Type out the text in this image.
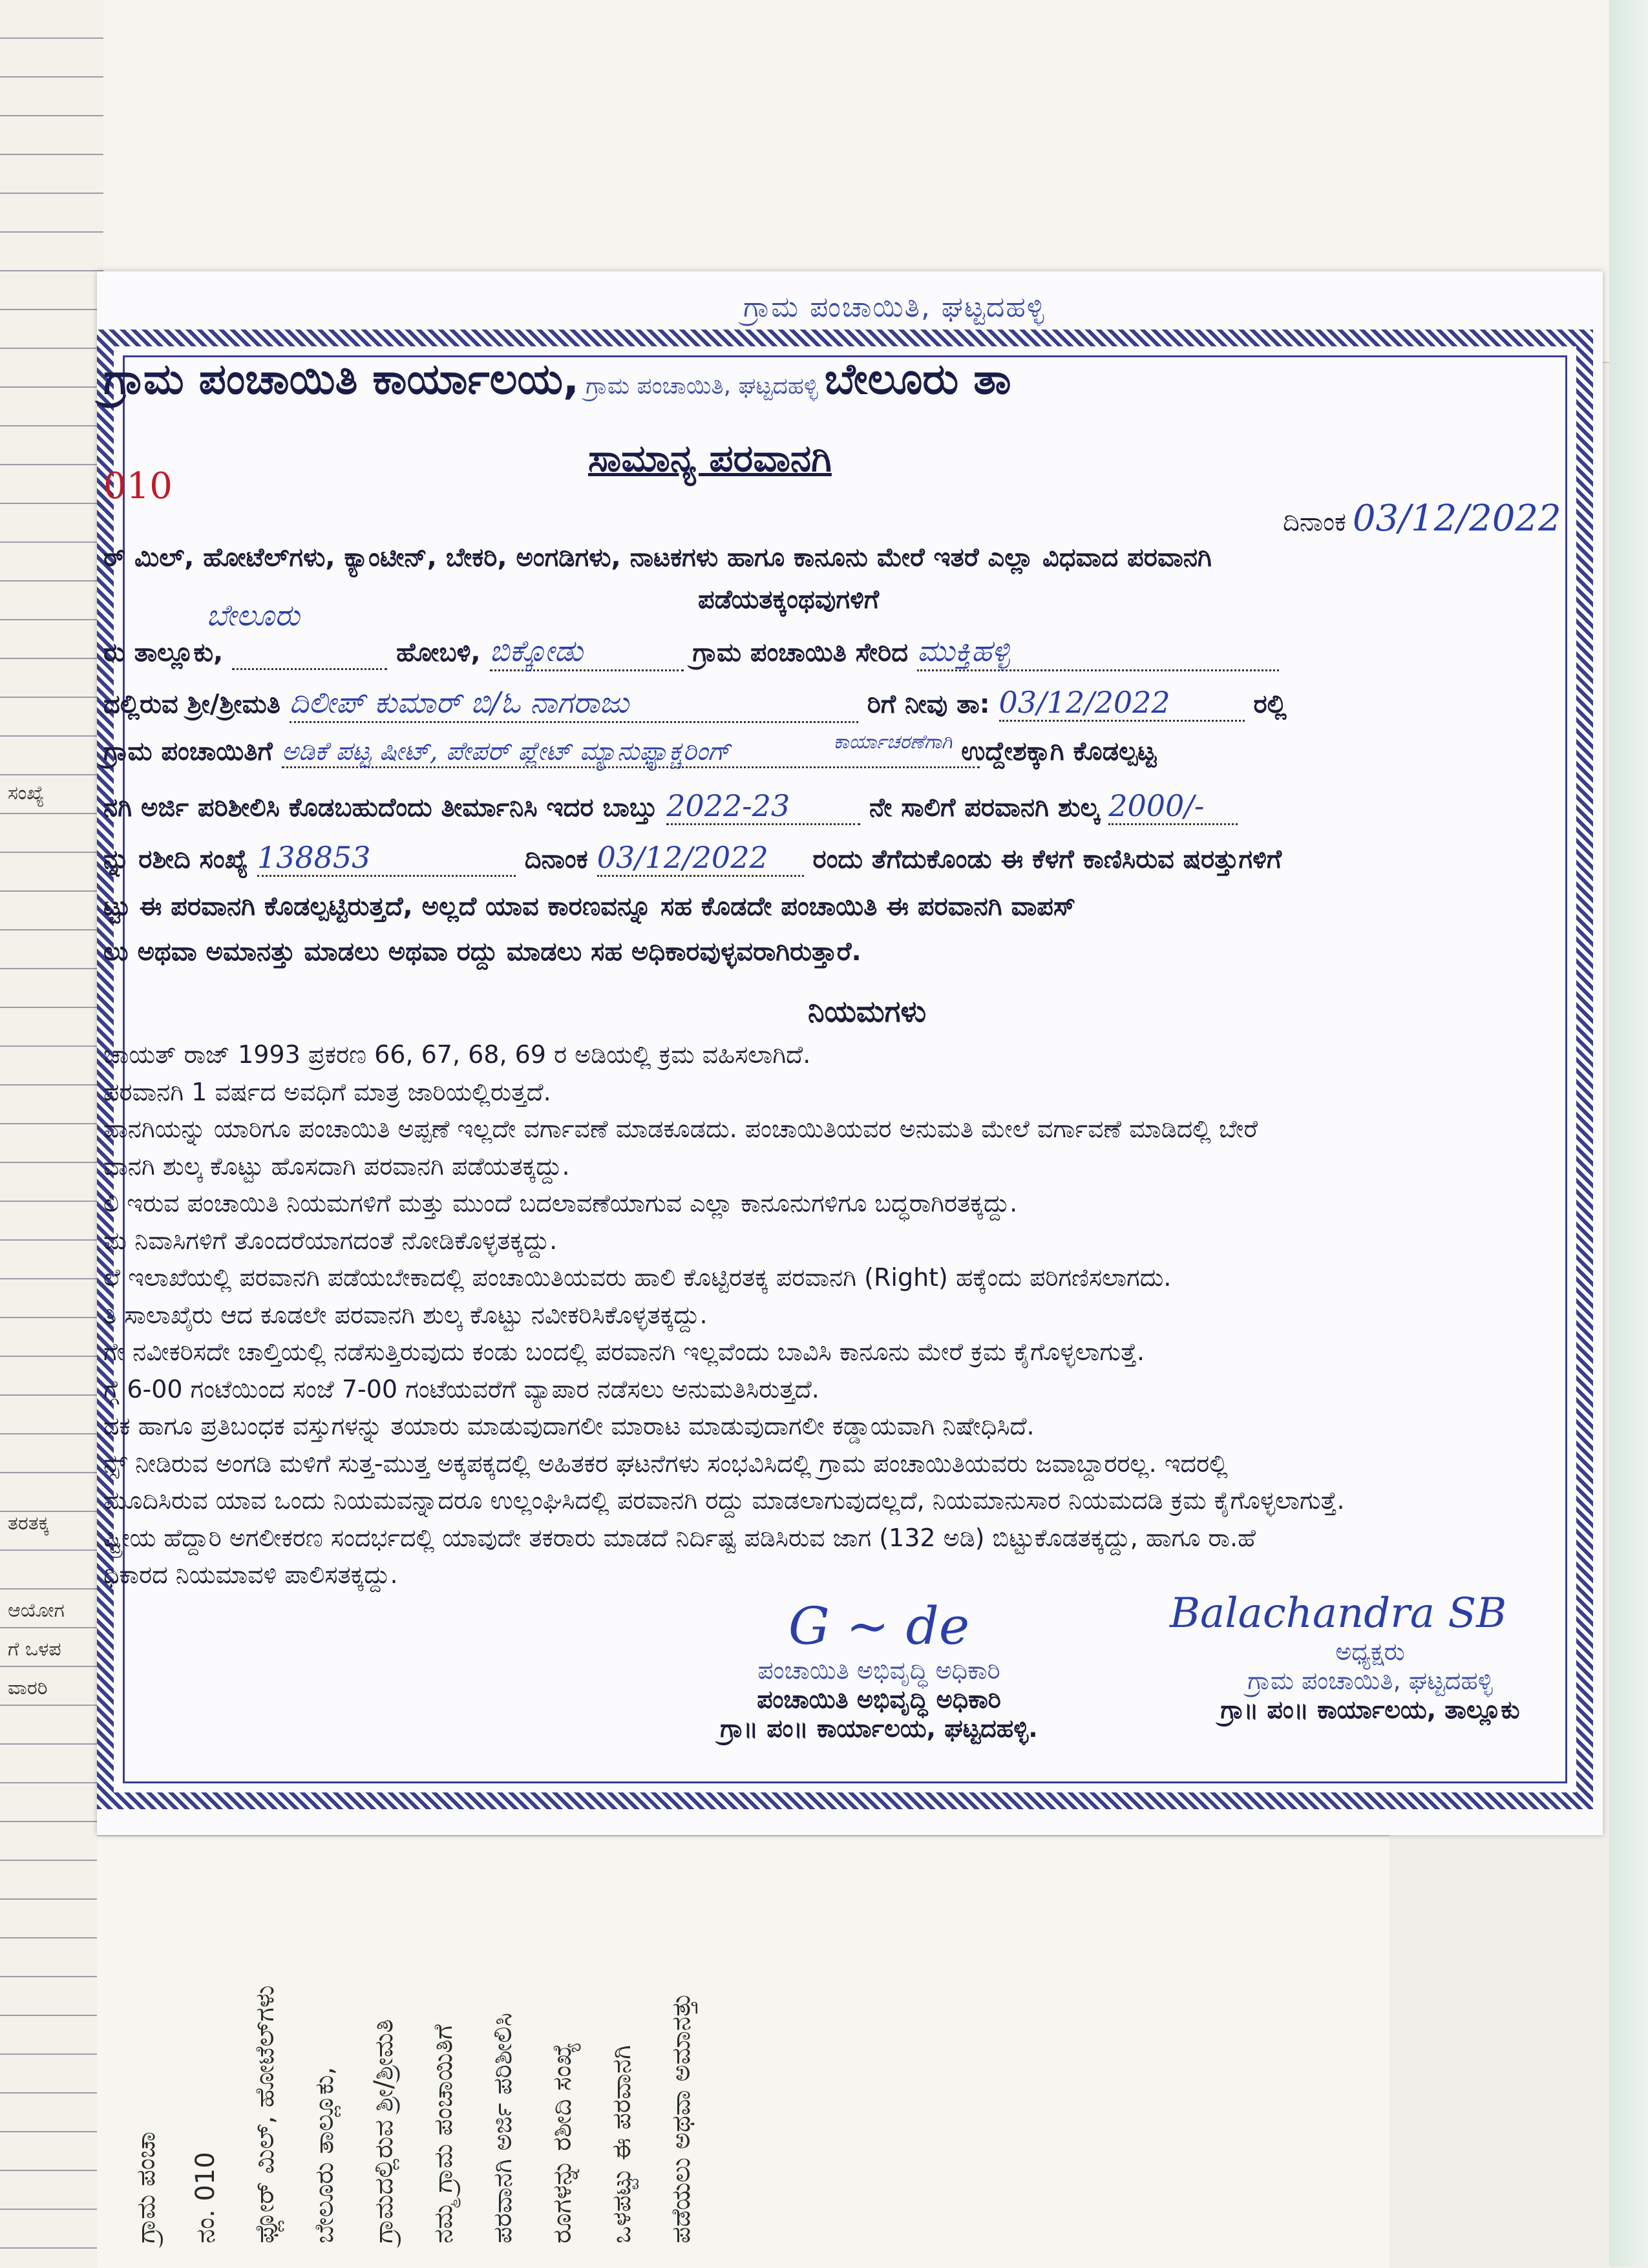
ಸಂಖ್ಯೆ
ತರತಕ್ಕ
ಆಯೋಗ
ಗೆ ಒಳಪ
ವಾರರಿ
ಗ್ರಾಮ ಪಂಚಾ	ನಂ. 010	ಫ್ಲೋರ್ ಮಿಲ್, ಹೋಟೆಲ್‌ಗಳು	ಬೇಲೂರು ತಾಲ್ಲೂಕು,	ಗ್ರಾಮದಲ್ಲಿರುವ ಶ್ರೀ/ಶ್ರೀಮತಿ	ನಮ್ಮ ಗ್ರಾಮ ಪಂಚಾಯಿತಿಗೆ	ಪರವಾನಗಿ ಅರ್ಜಿ ಪರಿಶೀಲಿಸಿ	ರೂಗಳನ್ನು ರಶೀದಿ ಸಂಖ್ಯೆ	ಒಳಪಟ್ಟು ಈ ಪರವಾನಗಿ	ಪಡೆಯಲು ಅಥವಾ ಅಮಾನತ್ತು
ಗ್ರಾಮ ಪಂಚಾಯಿತಿ, ಘಟ್ಟದಹಳ್ಳಿ
ಗ್ರಾಮ ಪಂಚಾಯಿತಿ ಕಾರ್ಯಾಲಯ, ಗ್ರಾಮ ಪಂಚಾಯಿತಿ, ಘಟ್ಟದಹಳ್ಳಿ ಬೇಲೂರು ತಾ
ಸಾಮಾನ್ಯ ಪರವಾನಗಿ
010
ದಿನಾಂಕ 03/12/2022
ರ್ ಮಿಲ್, ಹೋಟೆಲ್‌ಗಳು, ಕ್ಯಾಂಟೀನ್, ಬೇಕರಿ, ಅಂಗಡಿಗಳು, ನಾಟಕಗಳು ಹಾಗೂ ಕಾನೂನು ಮೇರೆ ಇತರೆ ಎಲ್ಲಾ ವಿಧವಾದ ಪರವಾನಗಿ
ಪಡೆಯತಕ್ಕಂಥವುಗಳಿಗೆ
ರು ತಾಲ್ಲೂಕು,
ಬೇಲೂರು
ಹೋಬಳಿ, ಬಿಕ್ಕೋಡು	ಗ್ರಾಮ ಪಂಚಾಯಿತಿ ಸೇರಿದ ಮುಕ್ತಿಹಳ್ಳಿ
ದಲ್ಲಿರುವ ಶ್ರೀ/ಶ್ರೀಮತಿ ದಿಲೀಪ್ ಕುಮಾರ್ ಬಿ/ಓ ನಾಗರಾಜು	ರಿಗೆ ನೀವು ತಾ: 03/12/2022	ರಲ್ಲಿ
ಗ್ರಾಮ ಪಂಚಾಯಿತಿಗೆ ಅಡಿಕೆ ಪಟ್ಟ ಷೀಟ್, ಪೇಪರ್ ಪ್ಲೇಟ್ ಮ್ಯಾನುಫ್ಯಾಕ್ಚರಿಂಗ್	$^{ಕಾರ್ಯಾಚರಣೆಗಾಗಿ}$ ಉದ್ದೇಶಕ್ಕಾಗಿ ಕೊಡಲ್ಪಟ್ಟ
ನಗಿ ಅರ್ಜಿ ಪರಿಶೀಲಿಸಿ ಕೊಡಬಹುದೆಂದು ತೀರ್ಮಾನಿಸಿ ಇದರ ಬಾಬ್ತು 2022-23	ನೇ ಸಾಲಿಗೆ ಪರವಾನಗಿ ಶುಲ್ಕ 2000/-
ನ್ನು ರಶೀದಿ ಸಂಖ್ಯೆ 138853	ದಿನಾಂಕ 03/12/2022 ರಂದು ತೆಗೆದುಕೊಂಡು ಈ ಕೆಳಗೆ ಕಾಣಿಸಿರುವ ಷರತ್ತುಗಳಿಗೆ
ಟ್ಟು ಈ ಪರವಾನಗಿ ಕೊಡಲ್ಪಟ್ಟಿರುತ್ತದೆ, ಅಲ್ಲದೆ ಯಾವ ಕಾರಣವನ್ನೂ ಸಹ ಕೊಡದೇ ಪಂಚಾಯಿತಿ ಈ ಪರವಾನಗಿ ವಾಪಸ್
ಲು ಅಥವಾ ಅಮಾನತ್ತು ಮಾಡಲು ಅಥವಾ ರದ್ದು ಮಾಡಲು ಸಹ ಅಧಿಕಾರವುಳ್ಳವರಾಗಿರುತ್ತಾರೆ.
ನಿಯಮಗಳು
ಚಾಯತ್ ರಾಜ್ 1993 ಪ್ರಕರಣ 66, 67, 68, 69 ರ ಅಡಿಯಲ್ಲಿ ಕ್ರಮ ವಹಿಸಲಾಗಿದೆ.
ಪರವಾನಗಿ 1 ವರ್ಷದ ಅವಧಿಗೆ ಮಾತ್ರ ಜಾರಿಯಲ್ಲಿರುತ್ತದೆ.
ವಾನಗಿಯನ್ನು ಯಾರಿಗೂ ಪಂಚಾಯಿತಿ ಅಪ್ಪಣೆ ಇಲ್ಲದೇ ವರ್ಗಾವಣೆ ಮಾಡಕೂಡದು. ಪಂಚಾಯಿತಿಯವರ ಅನುಮತಿ ಮೇಲೆ ವರ್ಗಾವಣೆ ಮಾಡಿದಲ್ಲಿ ಬೇರೆ
ವಾನಗಿ ಶುಲ್ಕ ಕೊಟ್ಟು ಹೊಸದಾಗಿ ಪರವಾನಗಿ ಪಡೆಯತಕ್ಕದ್ದು.
ಲಿ ಇರುವ ಪಂಚಾಯಿತಿ ನಿಯಮಗಳಿಗೆ ಮತ್ತು ಮುಂದೆ ಬದಲಾವಣೆಯಾಗುವ ಎಲ್ಲಾ ಕಾನೂನುಗಳಿಗೂ ಬದ್ಧರಾಗಿರತಕ್ಕದ್ದು.
ಮ ನಿವಾಸಿಗಳಿಗೆ ತೊಂದರೆಯಾಗದಂತೆ ನೋಡಿಕೊಳ್ಳತಕ್ಕದ್ದು.
ಲೆ ಇಲಾಖೆಯಲ್ಲಿ ಪರವಾನಗಿ ಪಡೆಯಬೇಕಾದಲ್ಲಿ ಪಂಚಾಯಿತಿಯವರು ಹಾಲಿ ಕೊಟ್ಟಿರತಕ್ಕ ಪರವಾನಗಿ (Right) ಹಕ್ಕೆಂದು ಪರಿಗಣಿಸಲಾಗದು.
ತಿ ಸಾಲಾಖೈರು ಆದ ಕೂಡಲೇ ಪರವಾನಗಿ ಶುಲ್ಕ ಕೊಟ್ಟು ನವೀಕರಿಸಿಕೊಳ್ಳತಕ್ಕದ್ದು.
ಗೇ ನವೀಕರಿಸದೇ ಚಾಲ್ತಿಯಲ್ಲಿ ನಡೆಸುತ್ತಿರುವುದು ಕಂಡು ಬಂದಲ್ಲಿ ಪರವಾನಗಿ ಇಲ್ಲವೆಂದು ಬಾವಿಸಿ ಕಾನೂನು ಮೇರೆ ಕ್ರಮ ಕೈಗೊಳ್ಳಲಾಗುತ್ತೆ.
ಗ್ಗೆ 6-00 ಗಂಟೆಯಿಂದ ಸಂಜೆ 7-00 ಗಂಟೆಯವರೆಗೆ ವ್ಯಾಪಾರ ನಡೆಸಲು ಅನುಮತಿಸಿರುತ್ತದೆ.
ದಕ ಹಾಗೂ ಪ್ರತಿಬಂಧಕ ವಸ್ತುಗಳನ್ನು ತಯಾರು ಮಾಡುವುದಾಗಲೀ ಮಾರಾಟ ಮಾಡುವುದಾಗಲೀ ಕಡ್ಡಾಯವಾಗಿ ನಿಷೇಧಿಸಿದೆ.
ನ್ಸ್ ನೀಡಿರುವ ಅಂಗಡಿ ಮಳಿಗೆ ಸುತ್ತ-ಮುತ್ತ ಅಕ್ಕಪಕ್ಕದಲ್ಲಿ ಅಹಿತಕರ ಘಟನೆಗಳು ಸಂಭವಿಸಿದಲ್ಲಿ ಗ್ರಾಮ ಪಂಚಾಯಿತಿಯವರು ಜವಾಬ್ದಾರರಲ್ಲ. ಇದರಲ್ಲಿ
ಮೂದಿಸಿರುವ ಯಾವ ಒಂದು ನಿಯಮವನ್ನಾದರೂ ಉಲ್ಲಂಘಿಸಿದಲ್ಲಿ ಪರವಾನಗಿ ರದ್ದು ಮಾಡಲಾಗುವುದಲ್ಲದೆ, ನಿಯಮಾನುಸಾರ ನಿಯಮದಡಿ ಕ್ರಮ ಕೈಗೊಳ್ಳಲಾಗುತ್ತೆ.
ಷ್ಟ್ರೀಯ ಹೆದ್ದಾರಿ ಅಗಲೀಕರಣ ಸಂದರ್ಭದಲ್ಲಿ ಯಾವುದೇ ತಕರಾರು ಮಾಡದೆ ನಿರ್ದಿಷ್ಟ ಪಡಿಸಿರುವ ಜಾಗ (132 ಅಡಿ) ಬಿಟ್ಟುಕೊಡತಕ್ಕದ್ದು, ಹಾಗೂ ರಾ.ಹೆ
ಧಿಕಾರದ ನಿಯಮಾವಳಿ ಪಾಲಿಸತಕ್ಕದ್ದು.
G ~ de
ಪಂಚಾಯಿತಿ ಅಭಿವೃದ್ಧಿ ಅಧಿಕಾರಿ
ಪಂಚಾಯಿತಿ ಅಭಿವೃದ್ಧಿ ಅಧಿಕಾರಿ
ಗ್ರಾ॥ ಪಂ॥ ಕಾರ್ಯಾಲಯ, ಘಟ್ಟದಹಳ್ಳಿ.
Balachandra SB
ಅಧ್ಯಕ್ಷರು
ಗ್ರಾಮ ಪಂಚಾಯಿತಿ, ಘಟ್ಟದಹಳ್ಳಿ
ಗ್ರಾ॥ ಪಂ॥ ಕಾರ್ಯಾಲಯ, ತಾಲ್ಲೂಕು
